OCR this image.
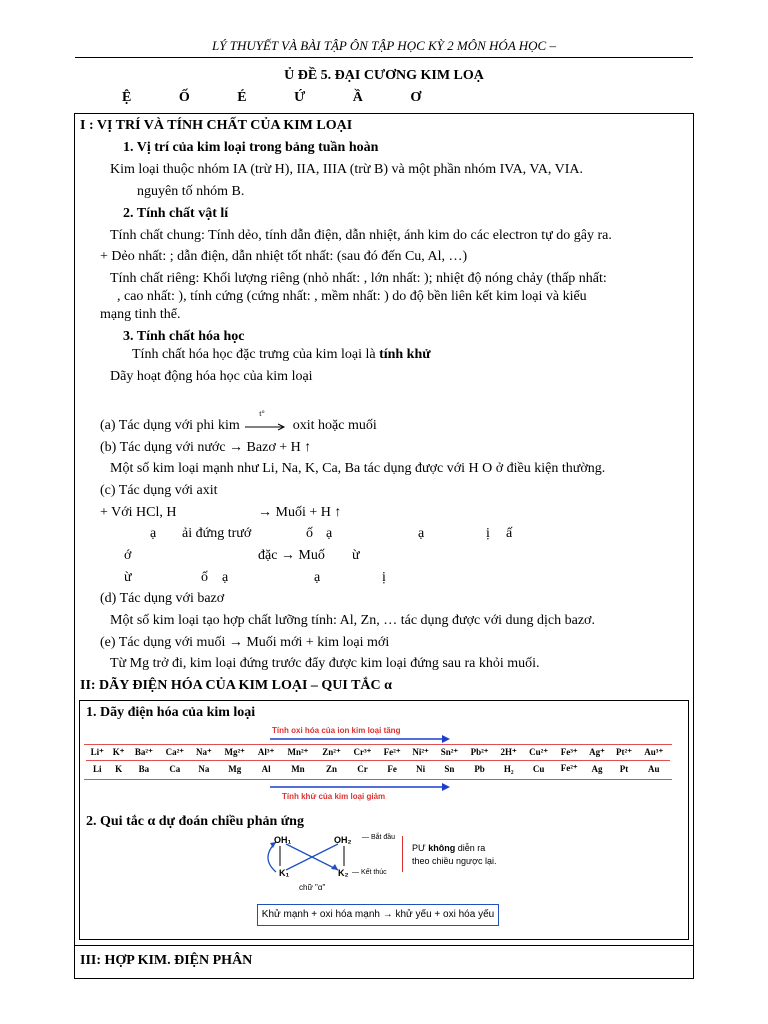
LÝ THUYẾT VÀ BÀI TẬP ÔN TẬP HỌC KỲ 2 MÔN HÓA HỌC –
Ủ ĐỀ 5. ĐẠI CƯƠNG KIM LOẠ
Ệ	Ố	É	Ứ	Ầ	Ơ
I : VỊ TRÍ VÀ TÍNH CHẤT CỦA KIM LOẠI
1. Vị trí của kim loại trong bảng tuần hoàn
Kim loại thuộc nhóm IA (trừ H), IIA, IIIA (trừ B) và một phần nhóm IVA, VA, VIA.
nguyên tố nhóm B.
2. Tính chất vật lí
Tính chất chung: Tính dẻo, tính dẫn điện, dẫn nhiệt, ánh kim do các electron tự do gây ra.
+ Dẻo nhất: ; dẫn điện, dẫn nhiệt tốt nhất: (sau đó đến Cu, Al, …)
Tính chất riêng: Khối lượng riêng (nhỏ nhất: , lớn nhất: ); nhiệt độ nóng chảy (thấp nhất:
, cao nhất: ), tính cứng (cứng nhất: , mềm nhất: ) do độ bền liên kết kim loại và kiểu
mạng tinh thể.
3. Tính chất hóa học
Tính chất hóa học đặc trưng của kim loại là tính khử
Dãy hoạt động hóa học của kim loại
(a) Tác dụng với phi kim
t°
oxit hoặc muối
(b) Tác dụng với nước → Bazơ + H ↑
Một số kim loại mạnh như Li, Na, K, Ca, Ba tác dụng được với H O ở điều kiện thường.
(c) Tác dụng với axit
+ Với HCl, H	→ Muối + H ↑
ạ ải đứng trướ	ố ạ	ạ	ị ấ
ớ	đặc → Muố ừ
ừ	ố ạ	ạ	ị
(d) Tác dụng với bazơ
Một số kim loại tạo hợp chất lưỡng tính: Al, Zn, … tác dụng được với dung dịch bazơ.
(e) Tác dụng với muối → Muối mới + kim loại mới
Từ Mg trở đi, kim loại đứng trước đẩy được kim loại đứng sau ra khỏi muối.
II: DÃY ĐIỆN HÓA CỦA KIM LOẠI – QUI TẮC α
1. Dãy điện hóa của kim loại
Tính oxi hóa của ion kim loại tăng
Li⁺	K⁺	Ba²⁺	Ca²⁺	Na⁺	Mg²⁺	Al³⁺	Mn²⁺	Zn²⁺	Cr³⁺	Fe²⁺	Ni²⁺	Sn²⁺	Pb²⁺	2H⁺	Cu²⁺	Fe³⁺	Ag⁺	Pt²⁺	Au³⁺
Li	K	Ba	Ca	Na	Mg	Al	Mn	Zn	Cr	Fe	Ni	Sn	Pb	H₂	Cu	Fe²⁺	Ag	Pt	Au
Tính khử của kim loại giảm
2. Qui tắc α dự đoán chiều phản ứng
OH₁	OH₂ — Bắt đầu
K₁	K₂ — Kết thúc
chữ "α"
PƯ không diễn ra
theo chiều ngược lại.
Khử mạnh + oxi hóa mạnh → khử yếu + oxi hóa yếu
III: HỢP KIM. ĐIỆN PHÂN
